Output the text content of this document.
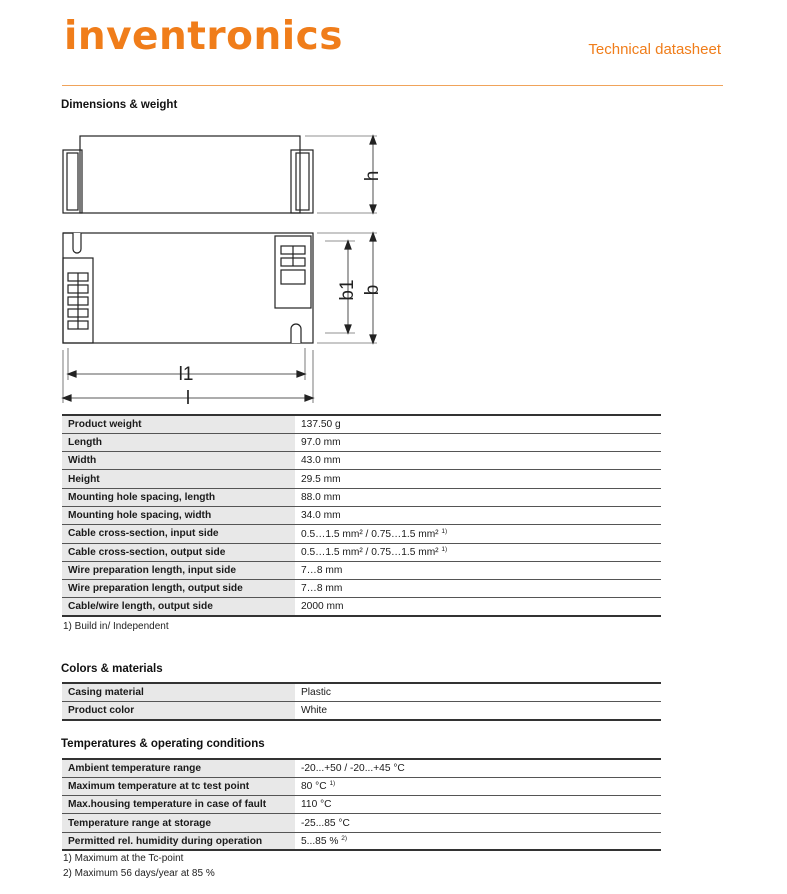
inventronics	Technical datasheet
Dimensions & weight
h
b
b1
l1
l
Product weight	137.50 g
Length	97.0 mm
Width	43.0 mm
Height	29.5 mm
Mounting hole spacing, length	88.0 mm
Mounting hole spacing, width	34.0 mm
Cable cross-section, input side	0.5…1.5 mm² / 0.75…1.5 mm² $^{1)}$
Cable cross-section, output side	0.5…1.5 mm² / 0.75…1.5 mm² $^{1)}$
Wire preparation length, input side	7…8 mm
Wire preparation length, output side	7…8 mm
Cable/wire length, output side	2000 mm
1) Build in/ Independent
Colors & materials
Casing material	Plastic
Product color	White
Temperatures & operating conditions
Ambient temperature range	-20...+50 / -20...+45 °C
Maximum temperature at tc test point	80 °C $^{1)}$
Max.housing temperature in case of fault	110 °C
Temperature range at storage	-25...85 °C
Permitted rel. humidity during operation	5...85 % $^{2)}$
1) Maximum at the Tc-point
2) Maximum 56 days/year at 85 %
